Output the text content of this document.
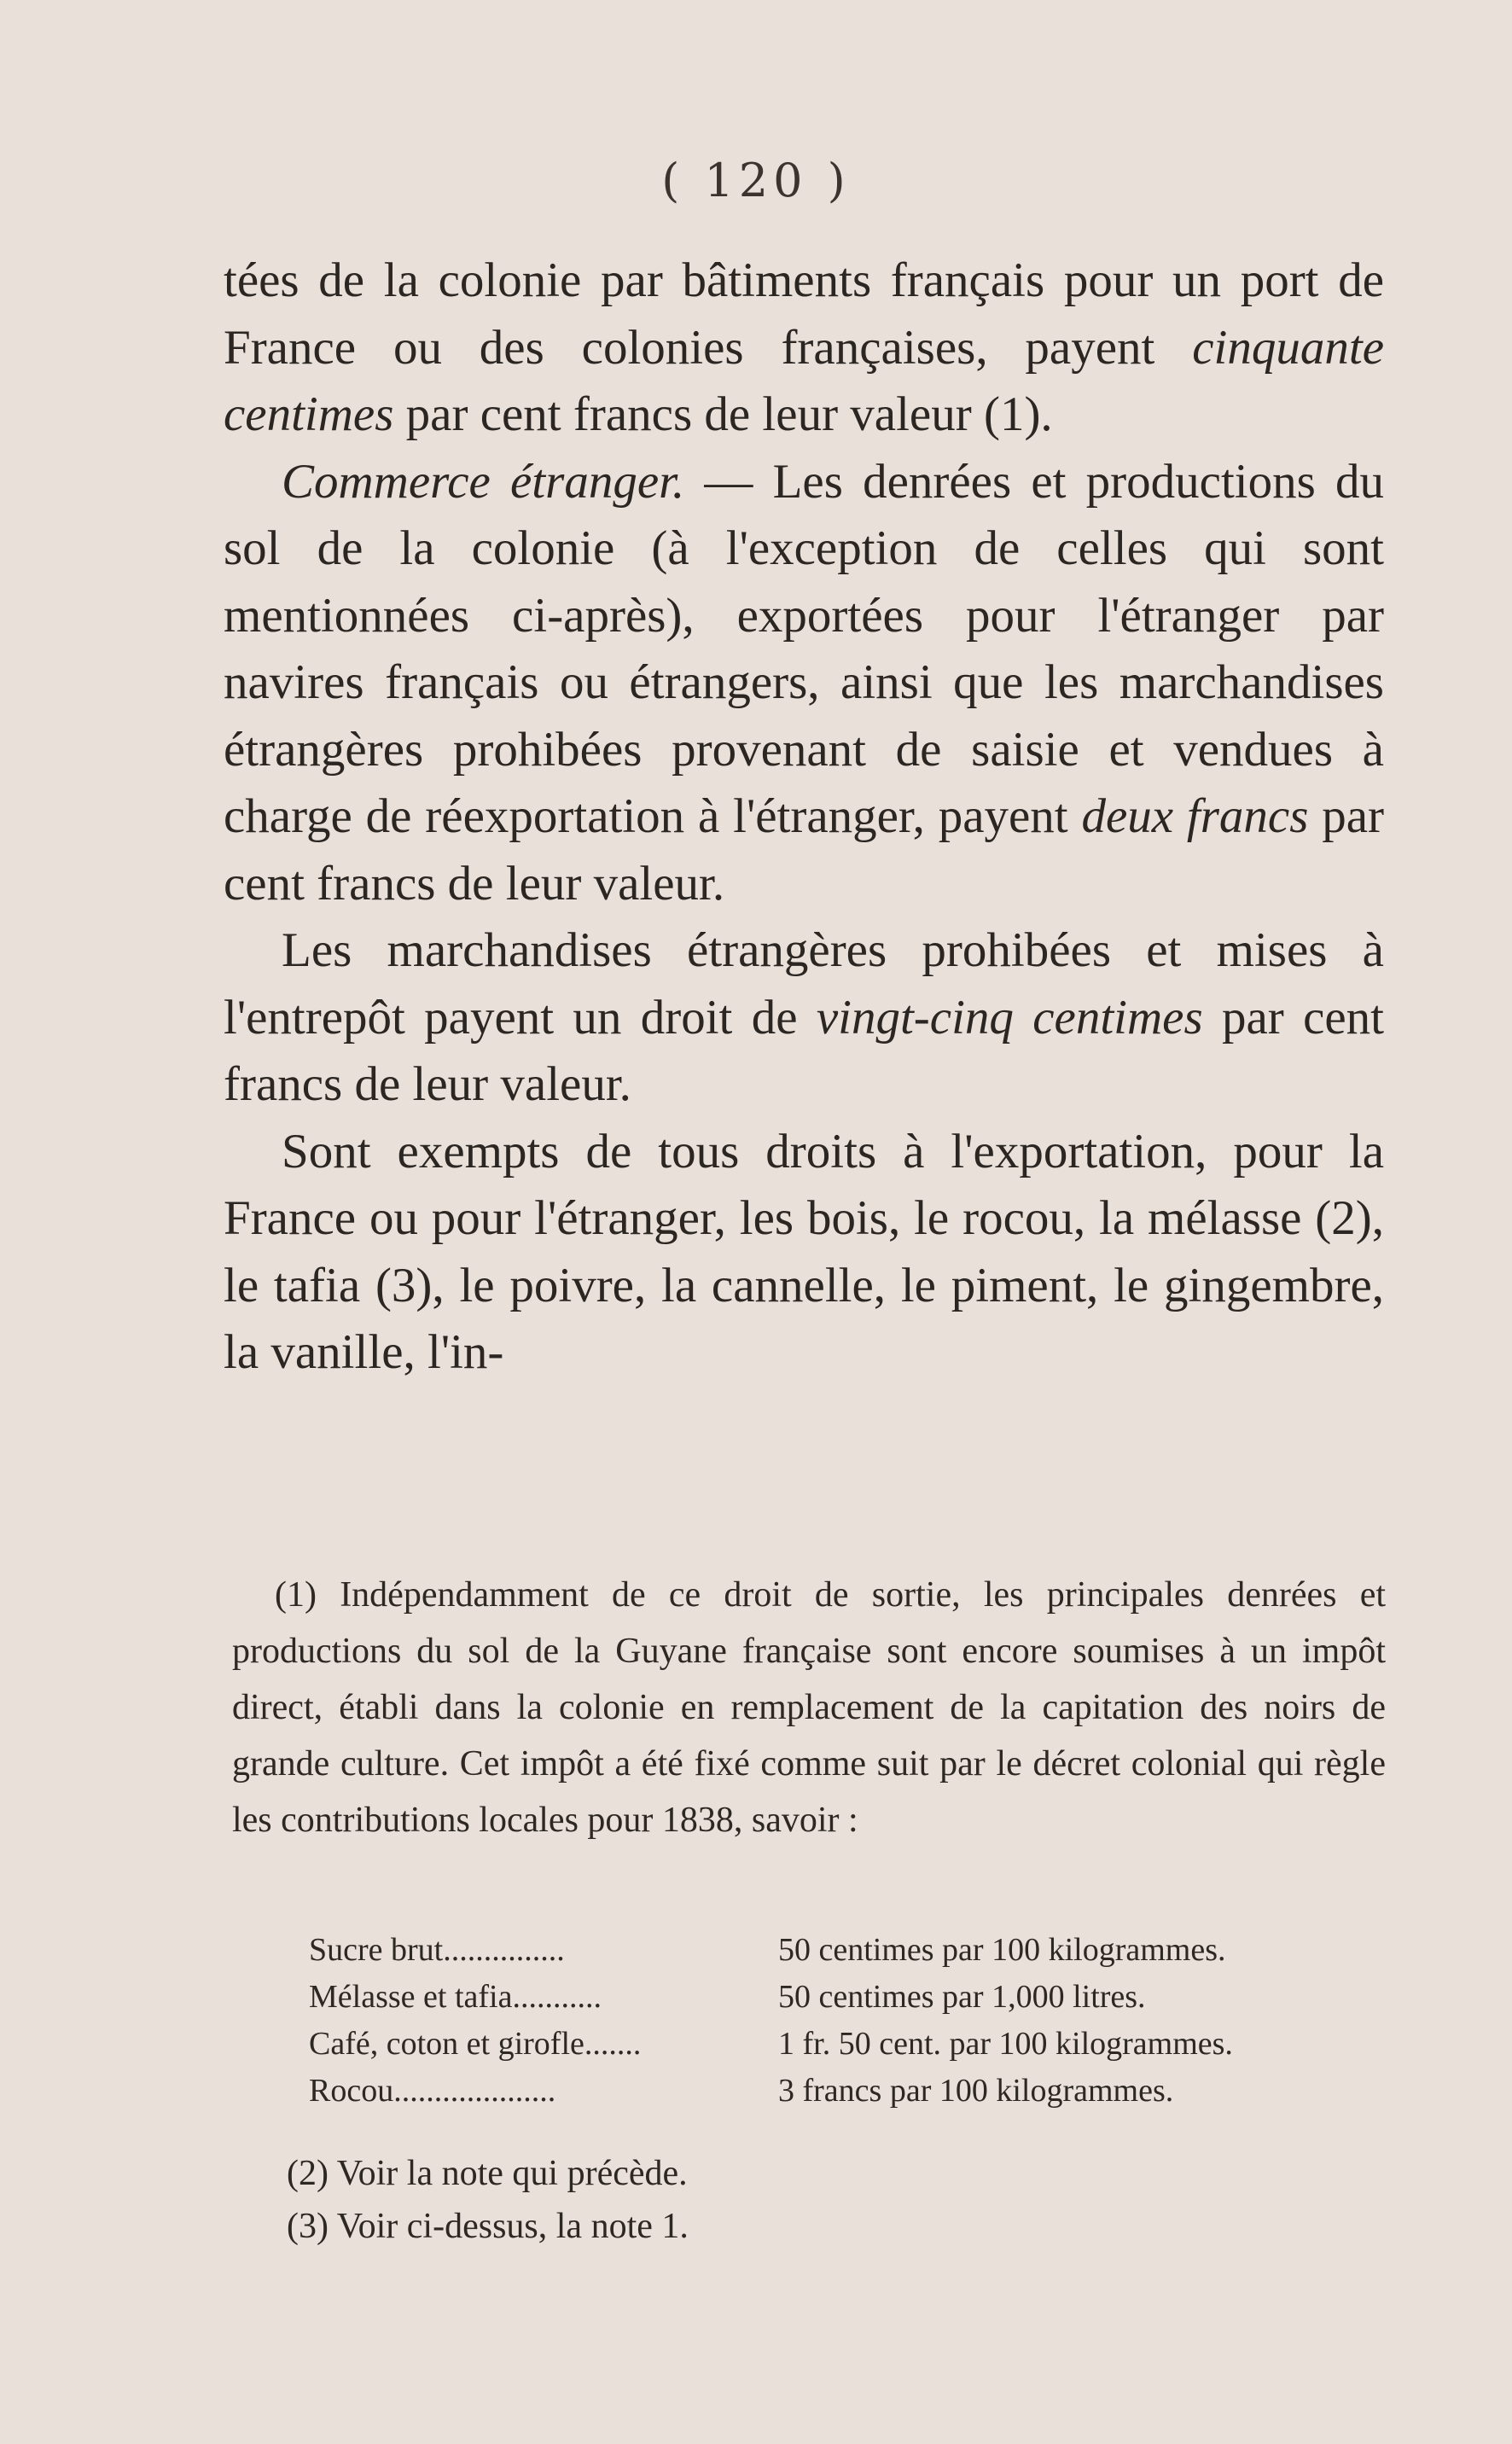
( 120 )

tées de la colonie par bâtiments français pour un port de France ou des colonies françaises, payent cinquante centimes par cent francs de leur valeur (1).

Commerce étranger. — Les denrées et productions du sol de la colonie (à l'exception de celles qui sont mentionnées ci-après), exportées pour l'étranger par navires français ou étrangers, ainsi que les marchandises étrangères prohibées provenant de saisie et vendues à charge de réexportation à l'étranger, payent deux francs par cent francs de leur valeur.

Les marchandises étrangères prohibées et mises à l'entrepôt payent un droit de vingt-cinq centimes par cent francs de leur valeur.

Sont exempts de tous droits à l'exportation, pour la France ou pour l'étranger, les bois, le rocou, la mélasse (2), le tafia (3), le poivre, la cannelle, le piment, le gingembre, la vanille, l'in-

(1) Indépendamment de ce droit de sortie, les principales denrées et productions du sol de la Guyane française sont encore soumises à un impôt direct, établi dans la colonie en remplacement de la capitation des noirs de grande culture. Cet impôt a été fixé comme suit par le décret colonial qui règle les contributions locales pour 1838, savoir :

Sucre brut...............	50 centimes par 100 kilogrammes.
Mélasse et tafia...........	50 centimes par 1,000 litres.
Café, coton et girofle.......	1 fr. 50 cent. par 100 kilogrammes.
Rocou....................	3 francs par 100 kilogrammes.

(2) Voir la note qui précède.

(3) Voir ci-dessus, la note 1.
